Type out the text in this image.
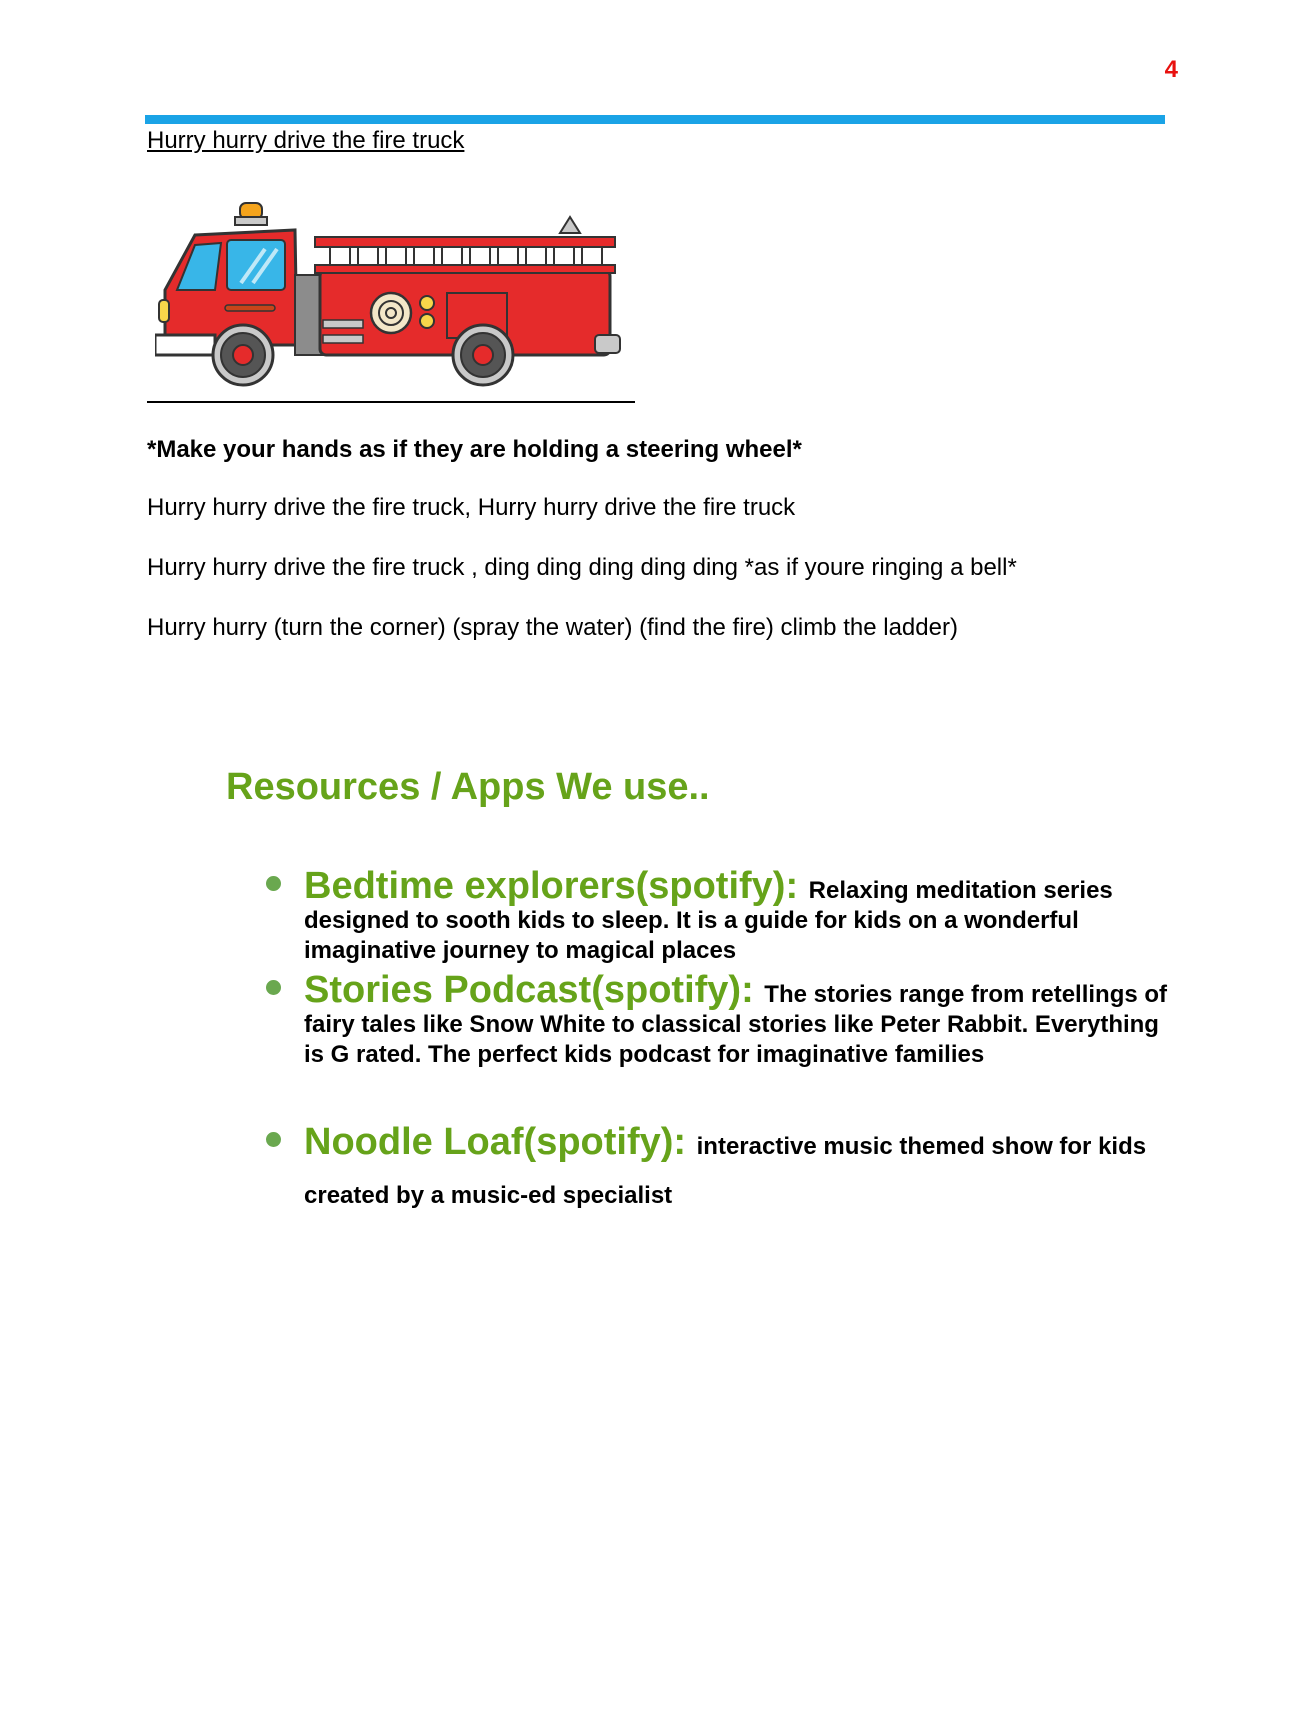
4
Hurry hurry drive the fire truck
*Make your hands as if they are holding a steering wheel*
Hurry hurry drive the fire truck, Hurry hurry drive the fire truck
Hurry hurry drive the fire truck , ding ding ding ding ding *as if youre ringing a bell*
Hurry hurry (turn the corner) (spray the water) (find the fire) climb the ladder)
Resources / Apps We use..
Bedtime explorers(spotify): Relaxing meditation series designed to sooth kids to sleep. It is a guide for kids on a wonderful imaginative journey to magical places
Stories Podcast(spotify): The stories range from retellings of fairy tales like Snow White to classical stories like Peter Rabbit. Everything is G rated. The perfect kids podcast for imaginative families
Noodle Loaf(spotify): interactive music themed show for kids created by a music-ed specialist
